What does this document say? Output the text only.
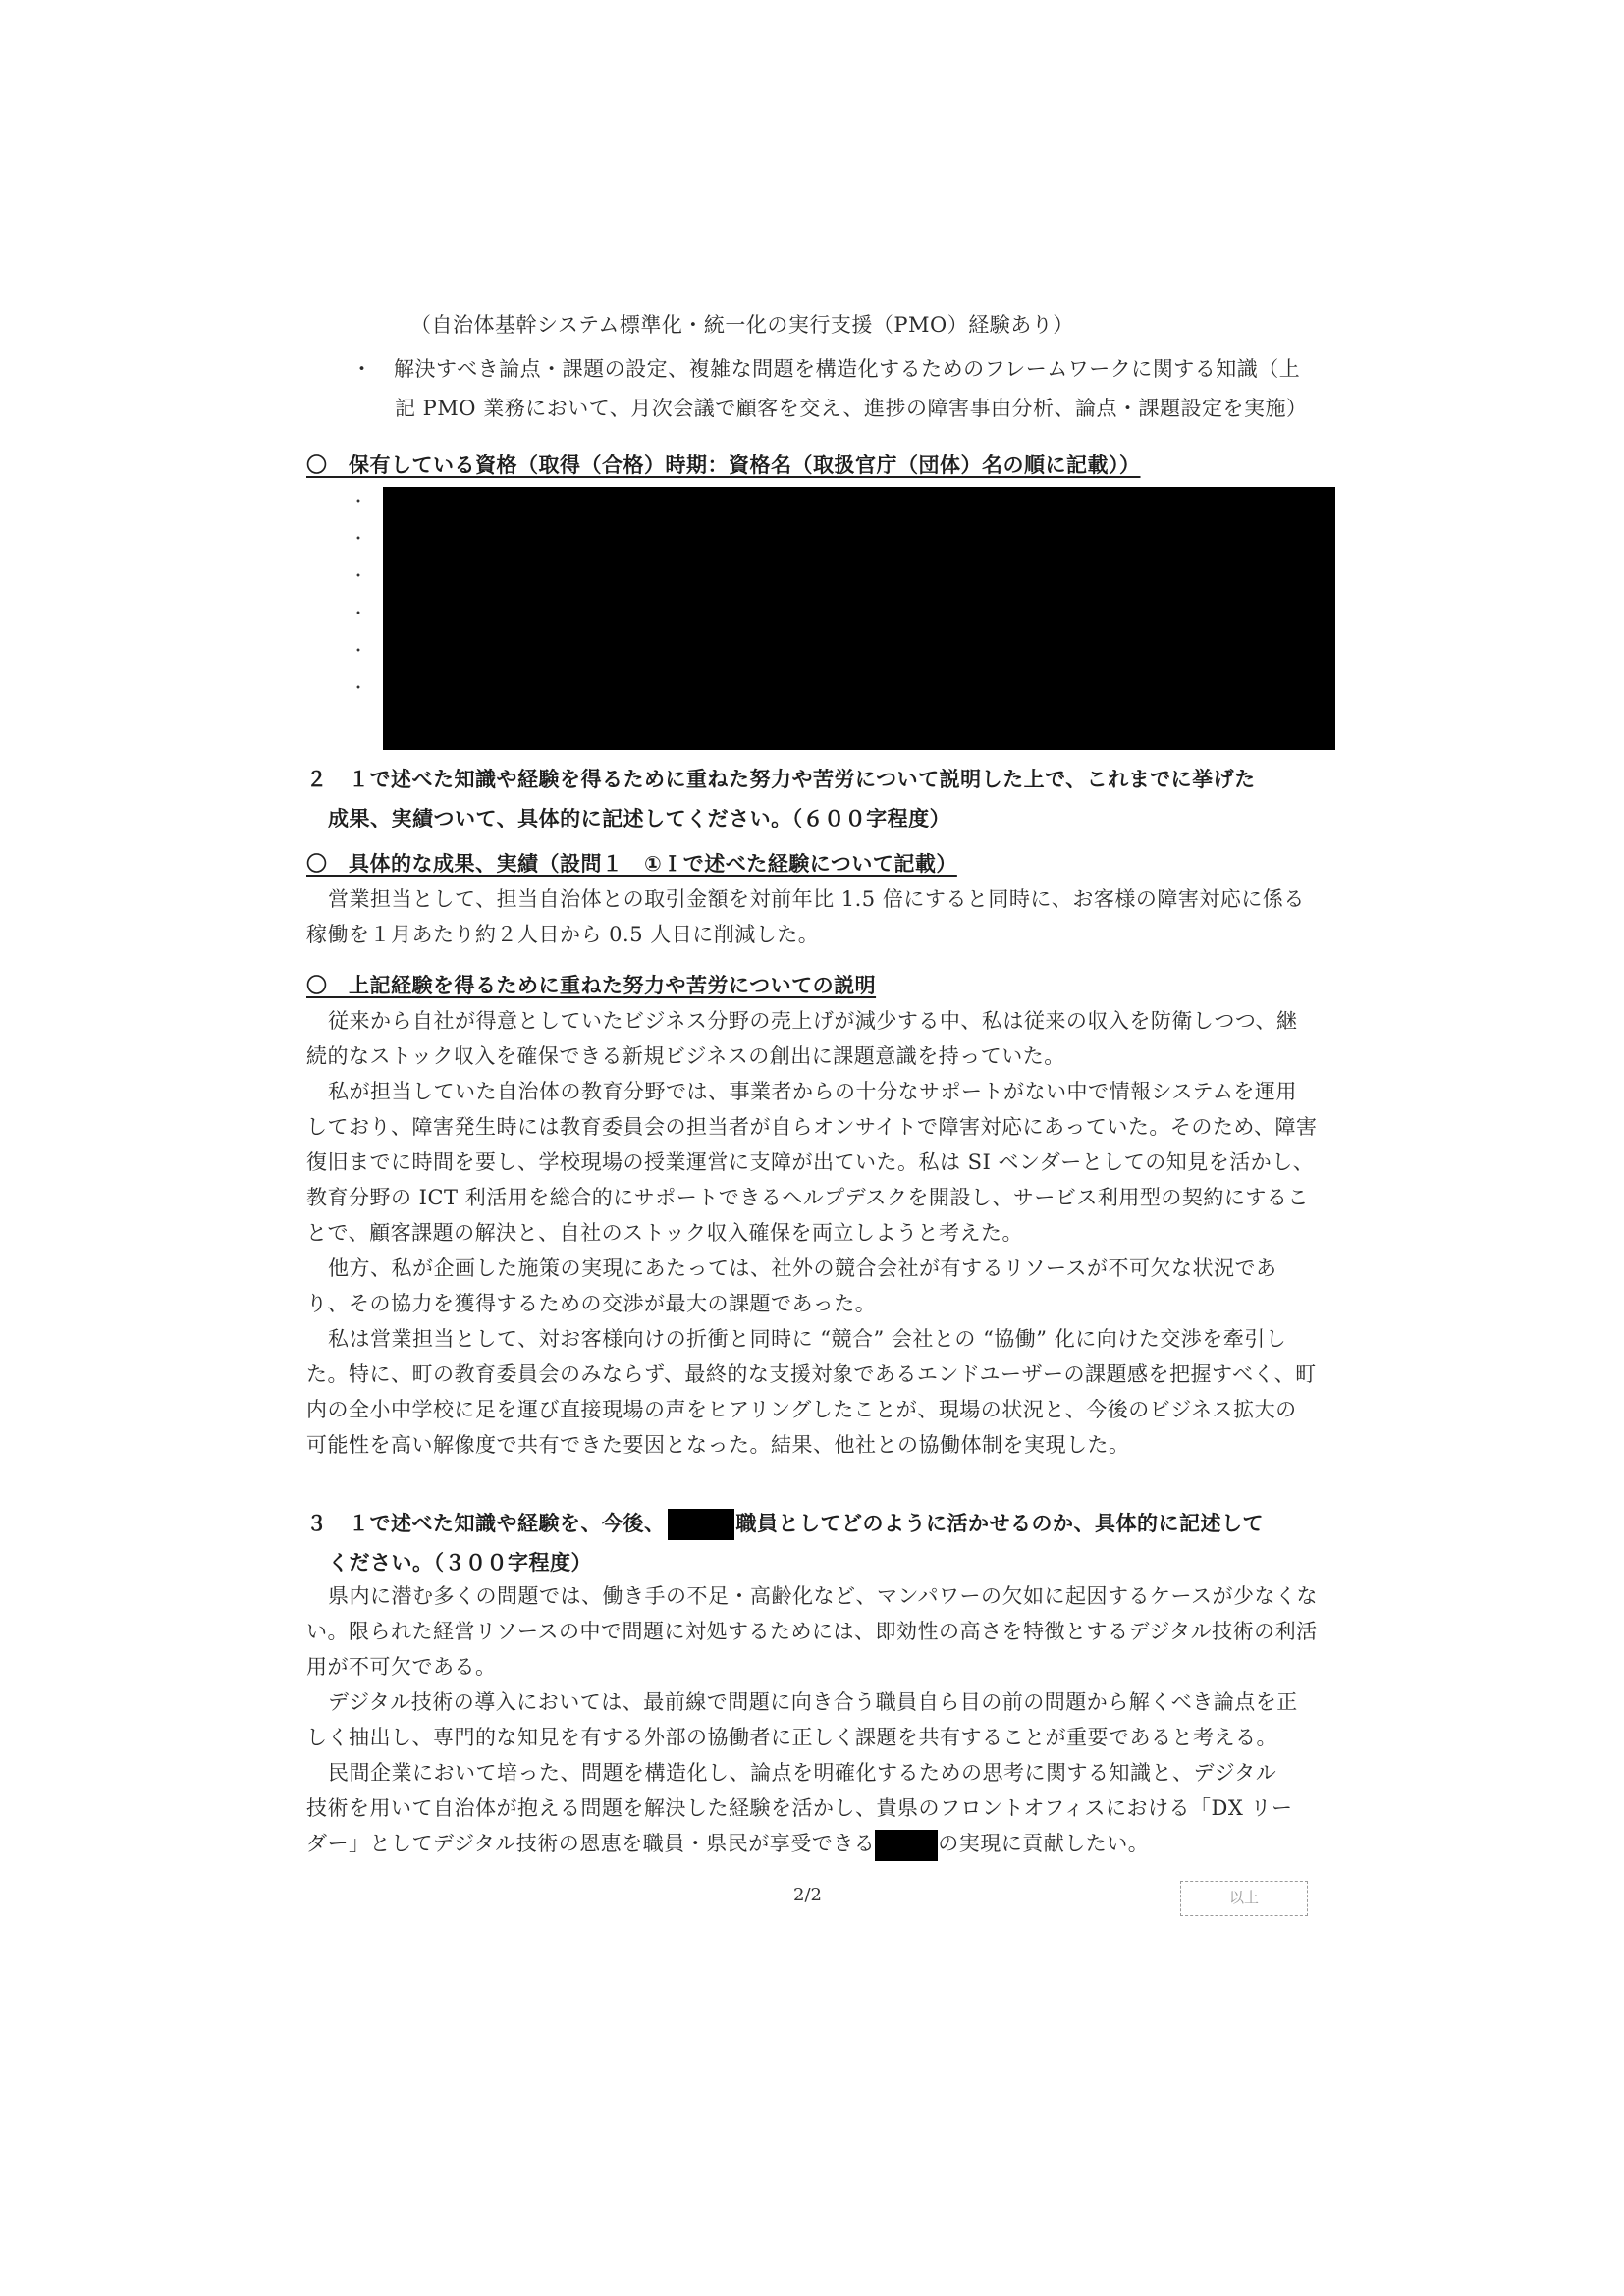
（自治体基幹システム標準化・統一化の実行支援（PMO）経験あり）
・　解決すべき論点・課題の設定、複雑な問題を構造化するためのフレームワークに関する知識（上
記 PMO 業務において、月次会議で顧客を交え、進捗の障害事由分析、論点・課題設定を実施）
〇　保有している資格（取得（合格）時期：資格名（取扱官庁（団体）名の順に記載））
・
・
・
・
・
・
２　１で述べた知識や経験を得るために重ねた努力や苦労について説明した上で、これまでに挙げた
成果、実績ついて、具体的に記述してください。（６００字程度）
〇　具体的な成果、実績（設問１　①Ｉで述べた経験について記載）

営業担当として、担当自治体との取引金額を対前年比 1.5 倍にすると同時に、お客様の障害対応に係る稼働を１月あたり約２人日から 0.5 人日に削減した。

〇　上記経験を得るために重ねた努力や苦労についての説明

従来から自社が得意としていたビジネス分野の売上げが減少する中、私は従来の収入を防衛しつつ、継続的なストック収入を確保できる新規ビジネスの創出に課題意識を持っていた。

私が担当していた自治体の教育分野では、事業者からの十分なサポートがない中で情報システムを運用しており、障害発生時には教育委員会の担当者が自らオンサイトで障害対応にあっていた。そのため、障害復旧までに時間を要し、学校現場の授業運営に支障が出ていた。私は SI ベンダーとしての知見を活かし、教育分野の ICT 利活用を総合的にサポートできるヘルプデスクを開設し、サービス利用型の契約にすることで、顧客課題の解決と、自社のストック収入確保を両立しようと考えた。

他方、私が企画した施策の実現にあたっては、社外の競合会社が有するリソースが不可欠な状況であり、その協力を獲得するための交渉が最大の課題であった。

私は営業担当として、対お客様向けの折衝と同時に “競合” 会社との “協働” 化に向けた交渉を牽引した。特に、町の教育委員会のみならず、最終的な支援対象であるエンドユーザーの課題感を把握すべく、町内の全小中学校に足を運び直接現場の声をヒアリングしたことが、現場の状況と、今後のビジネス拡大の可能性を高い解像度で共有できた要因となった。結果、他社との協働体制を実現した。

３　１で述べた知識や経験を、今後、	職員としてどのように活かせるのか、具体的に記述して
ください。（３００字程度）

県内に潜む多くの問題では、働き手の不足・高齢化など、マンパワーの欠如に起因するケースが少なくない。限られた経営リソースの中で問題に対処するためには、即効性の高さを特徴とするデジタル技術の利活用が不可欠である。

デジタル技術の導入においては、最前線で問題に向き合う職員自ら目の前の問題から解くべき論点を正しく抽出し、専門的な知見を有する外部の協働者に正しく課題を共有することが重要であると考える。

民間企業において培った、問題を構造化し、論点を明確化するための思考に関する知識と、デジタル
技術を用いて自治体が抱える問題を解決した経験を活かし、貴県のフロントオフィスにおける「DX リー
ダー」としてデジタル技術の恩恵を職員・県民が享受できる	の実現に貢献したい。
2/2	以上
